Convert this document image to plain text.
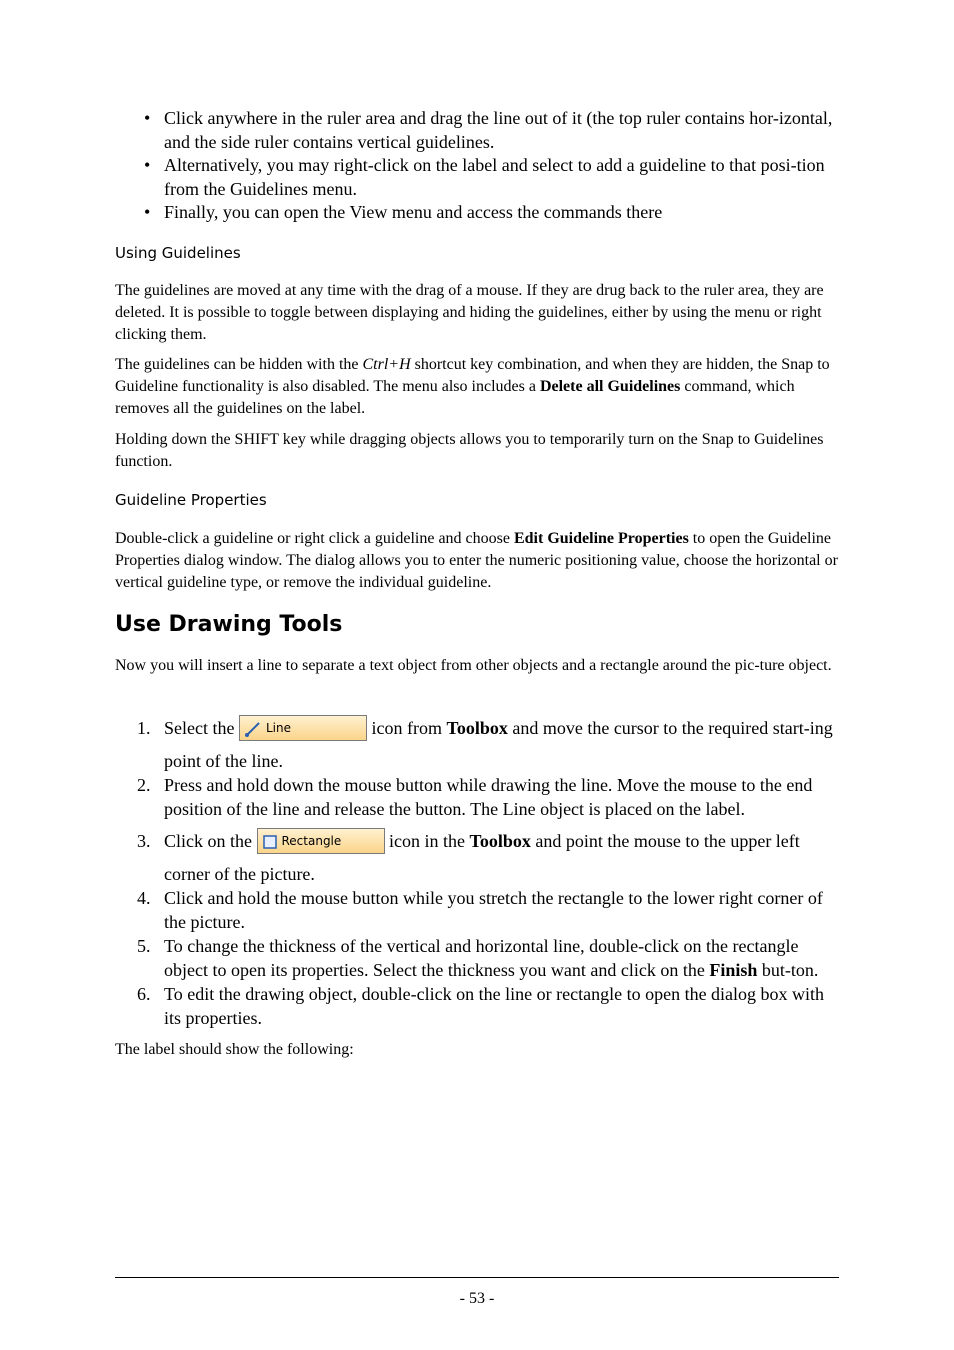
• Click anywhere in the ruler area and drag the line out of it (the top ruler contains hor-izontal, and the side ruler contains vertical guidelines.
• Alternatively, you may right-click on the label and select to add a guideline to that posi-tion from the Guidelines menu.
• Finally, you can open the View menu and access the commands there
Using Guidelines

The guidelines are moved at any time with the drag of a mouse. If they are drug back to the ruler area, they are deleted. It is possible to toggle between displaying and hiding the guidelines, either by using the menu or right clicking them.

The guidelines can be hidden with the Ctrl+H shortcut key combination, and when they are hidden, the Snap to Guideline functionality is also disabled. The menu also includes a Delete all Guidelines command, which removes all the guidelines on the label.

Holding down the SHIFT key while dragging objects allows you to temporarily turn on the Snap to Guidelines function.

Guideline Properties

Double-click a guideline or right click a guideline and choose Edit Guideline Properties to open the Guideline Properties dialog window. The dialog allows you to enter the numeric positioning value, choose the horizontal or vertical guideline type, or remove the individual guideline.

Use Drawing Tools

Now you will insert a line to separate a text object from other objects and a rectangle around the pic-ture object.

1. Select the Line	icon from Toolbox and move the cursor to the required start-ing point of the line.
2. Press and hold down the mouse button while drawing the line. Move the mouse to the end position of the line and release the button. The Line object is placed on the label.
3. Click on the Rectangle icon in the Toolbox and point the mouse to the upper left corner of the picture.
4. Click and hold the mouse button while you stretch the rectangle to the lower right corner of the picture.
5. To change the thickness of the vertical and horizontal line, double-click on the rectangle object to open its properties. Select the thickness you want and click on the Finish but-ton.
6. To edit the drawing object, double-click on the line or rectangle to open the dialog box with its properties.

The label should show the following:

- 53 -
